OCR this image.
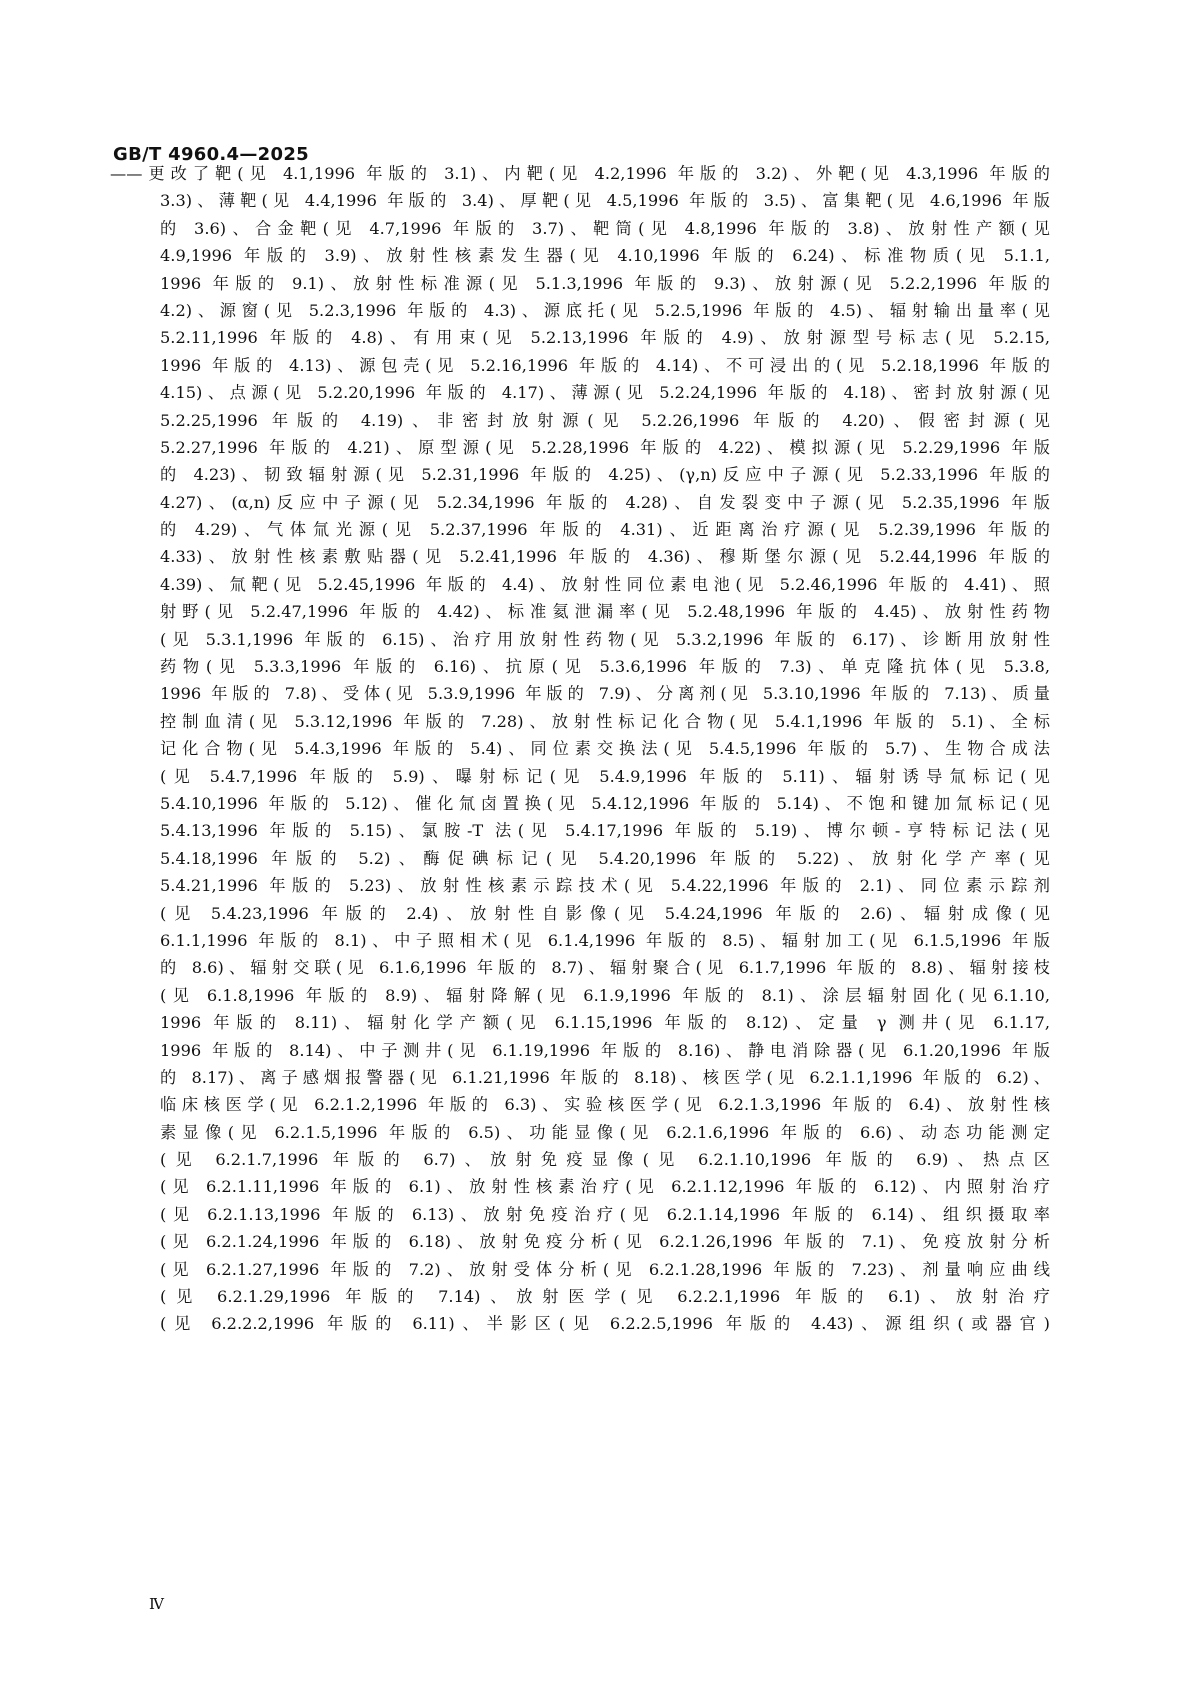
GB/T 4960.4—2025
——更改了靶(见 4.1,1996 年版的 3.1)、内靶(见 4.2,1996 年版的 3.2)、外靶(见 4.3,1996 年版的
3.3)、薄靶(见 4.4,1996 年版的 3.4)、厚靶(见 4.5,1996 年版的 3.5)、富集靶(见 4.6,1996 年版
的 3.6)、合金靶(见 4.7,1996 年版的 3.7)、靶筒(见 4.8,1996 年版的 3.8)、放射性产额(见
4.9,1996 年版的 3.9)、放射性核素发生器(见 4.10,1996 年版的 6.24)、标准物质(见 5.1.1,
1996 年版的 9.1)、放射性标准源(见 5.1.3,1996 年版的 9.3)、放射源(见 5.2.2,1996 年版的
4.2)、源窗(见 5.2.3,1996 年版的 4.3)、源底托(见 5.2.5,1996 年版的 4.5)、辐射输出量率(见
5.2.11,1996 年版的 4.8)、有用束(见 5.2.13,1996 年版的 4.9)、放射源型号标志(见 5.2.15,
1996 年版的 4.13)、源包壳(见 5.2.16,1996 年版的 4.14)、不可浸出的(见 5.2.18,1996 年版的
4.15)、点源(见 5.2.20,1996 年版的 4.17)、薄源(见 5.2.24,1996 年版的 4.18)、密封放射源(见
5.2.25,1996 年版的 4.19)、非密封放射源(见 5.2.26,1996 年版的 4.20)、假密封源(见
5.2.27,1996 年版的 4.21)、原型源(见 5.2.28,1996 年版的 4.22)、模拟源(见 5.2.29,1996 年版
的 4.23)、韧致辐射源(见 5.2.31,1996 年版的 4.25)、(γ,n)反应中子源(见 5.2.33,1996 年版的
4.27)、(α,n)反应中子源(见 5.2.34,1996 年版的 4.28)、自发裂变中子源(见 5.2.35,1996 年版
的 4.29)、气体氚光源(见 5.2.37,1996 年版的 4.31)、近距离治疗源(见 5.2.39,1996 年版的
4.33)、放射性核素敷贴器(见 5.2.41,1996 年版的 4.36)、穆斯堡尔源(见 5.2.44,1996 年版的
4.39)、氚靶(见 5.2.45,1996 年版的 4.4)、放射性同位素电池(见 5.2.46,1996 年版的 4.41)、照
射野(见 5.2.47,1996 年版的 4.42)、标准氦泄漏率(见 5.2.48,1996 年版的 4.45)、放射性药物
(见 5.3.1,1996 年版的 6.15)、治疗用放射性药物(见 5.3.2,1996 年版的 6.17)、诊断用放射性
药物(见 5.3.3,1996 年版的 6.16)、抗原(见 5.3.6,1996 年版的 7.3)、单克隆抗体(见 5.3.8,
1996 年版的 7.8)、受体(见 5.3.9,1996 年版的 7.9)、分离剂(见 5.3.10,1996 年版的 7.13)、质量
控制血清(见 5.3.12,1996 年版的 7.28)、放射性标记化合物(见 5.4.1,1996 年版的 5.1)、全标
记化合物(见 5.4.3,1996 年版的 5.4)、同位素交换法(见 5.4.5,1996 年版的 5.7)、生物合成法
(见 5.4.7,1996 年版的 5.9)、曝射标记(见 5.4.9,1996 年版的 5.11)、辐射诱导氚标记(见
5.4.10,1996 年版的 5.12)、催化氚卤置换(见 5.4.12,1996 年版的 5.14)、不饱和键加氚标记(见
5.4.13,1996 年版的 5.15)、氯胺-T 法(见 5.4.17,1996 年版的 5.19)、博尔顿-亨特标记法(见
5.4.18,1996 年版的 5.2)、酶促碘标记(见 5.4.20,1996 年版的 5.22)、放射化学产率(见
5.4.21,1996 年版的 5.23)、放射性核素示踪技术(见 5.4.22,1996 年版的 2.1)、同位素示踪剂
(见 5.4.23,1996 年版的 2.4)、放射性自影像(见 5.4.24,1996 年版的 2.6)、辐射成像(见
6.1.1,1996 年版的 8.1)、中子照相术(见 6.1.4,1996 年版的 8.5)、辐射加工(见 6.1.5,1996 年版
的 8.6)、辐射交联(见 6.1.6,1996 年版的 8.7)、辐射聚合(见 6.1.7,1996 年版的 8.8)、辐射接枝
(见 6.1.8,1996 年版的 8.9)、辐射降解(见 6.1.9,1996 年版的 8.1)、涂层辐射固化(见6.1.10,
1996 年版的 8.11)、辐射化学产额(见 6.1.15,1996 年版的 8.12)、定量 γ 测井(见 6.1.17,
1996 年版的 8.14)、中子测井(见 6.1.19,1996 年版的 8.16)、静电消除器(见 6.1.20,1996 年版
的 8.17)、离子感烟报警器(见 6.1.21,1996 年版的 8.18)、核医学(见 6.2.1.1,1996 年版的 6.2)、
临床核医学(见 6.2.1.2,1996 年版的 6.3)、实验核医学(见 6.2.1.3,1996 年版的 6.4)、放射性核
素显像(见 6.2.1.5,1996 年版的 6.5)、功能显像(见 6.2.1.6,1996 年版的 6.6)、动态功能测定
(见 6.2.1.7,1996 年版的 6.7)、放射免疫显像(见 6.2.1.10,1996 年版的 6.9)、热点区
(见 6.2.1.11,1996 年版的 6.1)、放射性核素治疗(见 6.2.1.12,1996 年版的 6.12)、内照射治疗
(见 6.2.1.13,1996 年版的 6.13)、放射免疫治疗(见 6.2.1.14,1996 年版的 6.14)、组织摄取率
(见 6.2.1.24,1996 年版的 6.18)、放射免疫分析(见 6.2.1.26,1996 年版的 7.1)、免疫放射分析
(见 6.2.1.27,1996 年版的 7.2)、放射受体分析(见 6.2.1.28,1996 年版的 7.23)、剂量响应曲线
(见 6.2.1.29,1996 年版的 7.14)、放射医学(见 6.2.2.1,1996 年版的 6.1)、放射治疗
(见 6.2.2.2,1996 年版的 6.11)、半影区(见 6.2.2.5,1996 年版的 4.43)、源组织(或器官)
Ⅳ
